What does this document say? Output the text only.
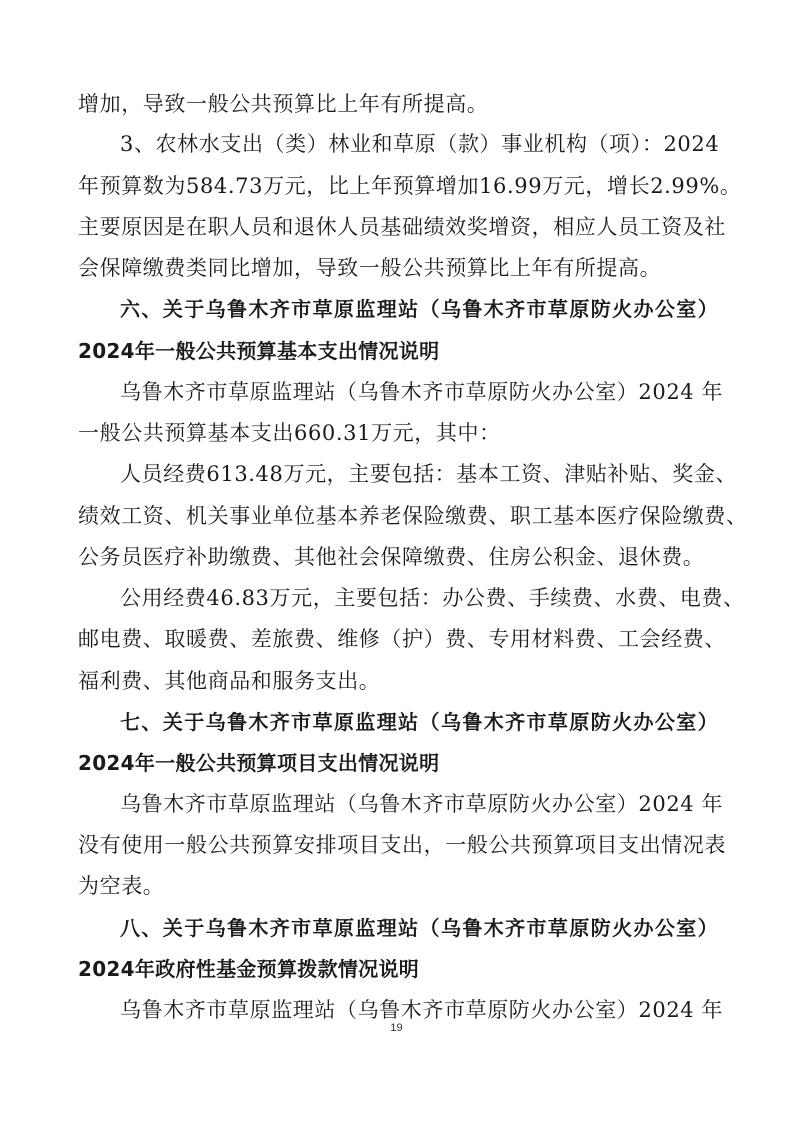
增加，导致一般公共预算比上年有所提高。
3、农林水支出（类）林业和草原（款）事业机构（项）：2024
年预算数为584.73万元，比上年预算增加16.99万元，增长2.99%。
主要原因是在职人员和退休人员基础绩效奖增资，相应人员工资及社
会保障缴费类同比增加，导致一般公共预算比上年有所提高。
六、关于乌鲁木齐市草原监理站（乌鲁木齐市草原防火办公室）
2024年一般公共预算基本支出情况说明
乌鲁木齐市草原监理站（乌鲁木齐市草原防火办公室）2024 年
一般公共预算基本支出660.31万元，其中：
人员经费613.48万元，主要包括：基本工资、津贴补贴、奖金、
绩效工资、机关事业单位基本养老保险缴费、职工基本医疗保险缴费、
公务员医疗补助缴费、其他社会保障缴费、住房公积金、退休费。
公用经费46.83万元，主要包括：办公费、手续费、水费、电费、
邮电费、取暖费、差旅费、维修（护）费、专用材料费、工会经费、
福利费、其他商品和服务支出。
七、关于乌鲁木齐市草原监理站（乌鲁木齐市草原防火办公室）
2024年一般公共预算项目支出情况说明
乌鲁木齐市草原监理站（乌鲁木齐市草原防火办公室）2024 年
没有使用一般公共预算安排项目支出，一般公共预算项目支出情况表
为空表。
八、关于乌鲁木齐市草原监理站（乌鲁木齐市草原防火办公室）
2024年政府性基金预算拨款情况说明
乌鲁木齐市草原监理站（乌鲁木齐市草原防火办公室）2024 年
19
